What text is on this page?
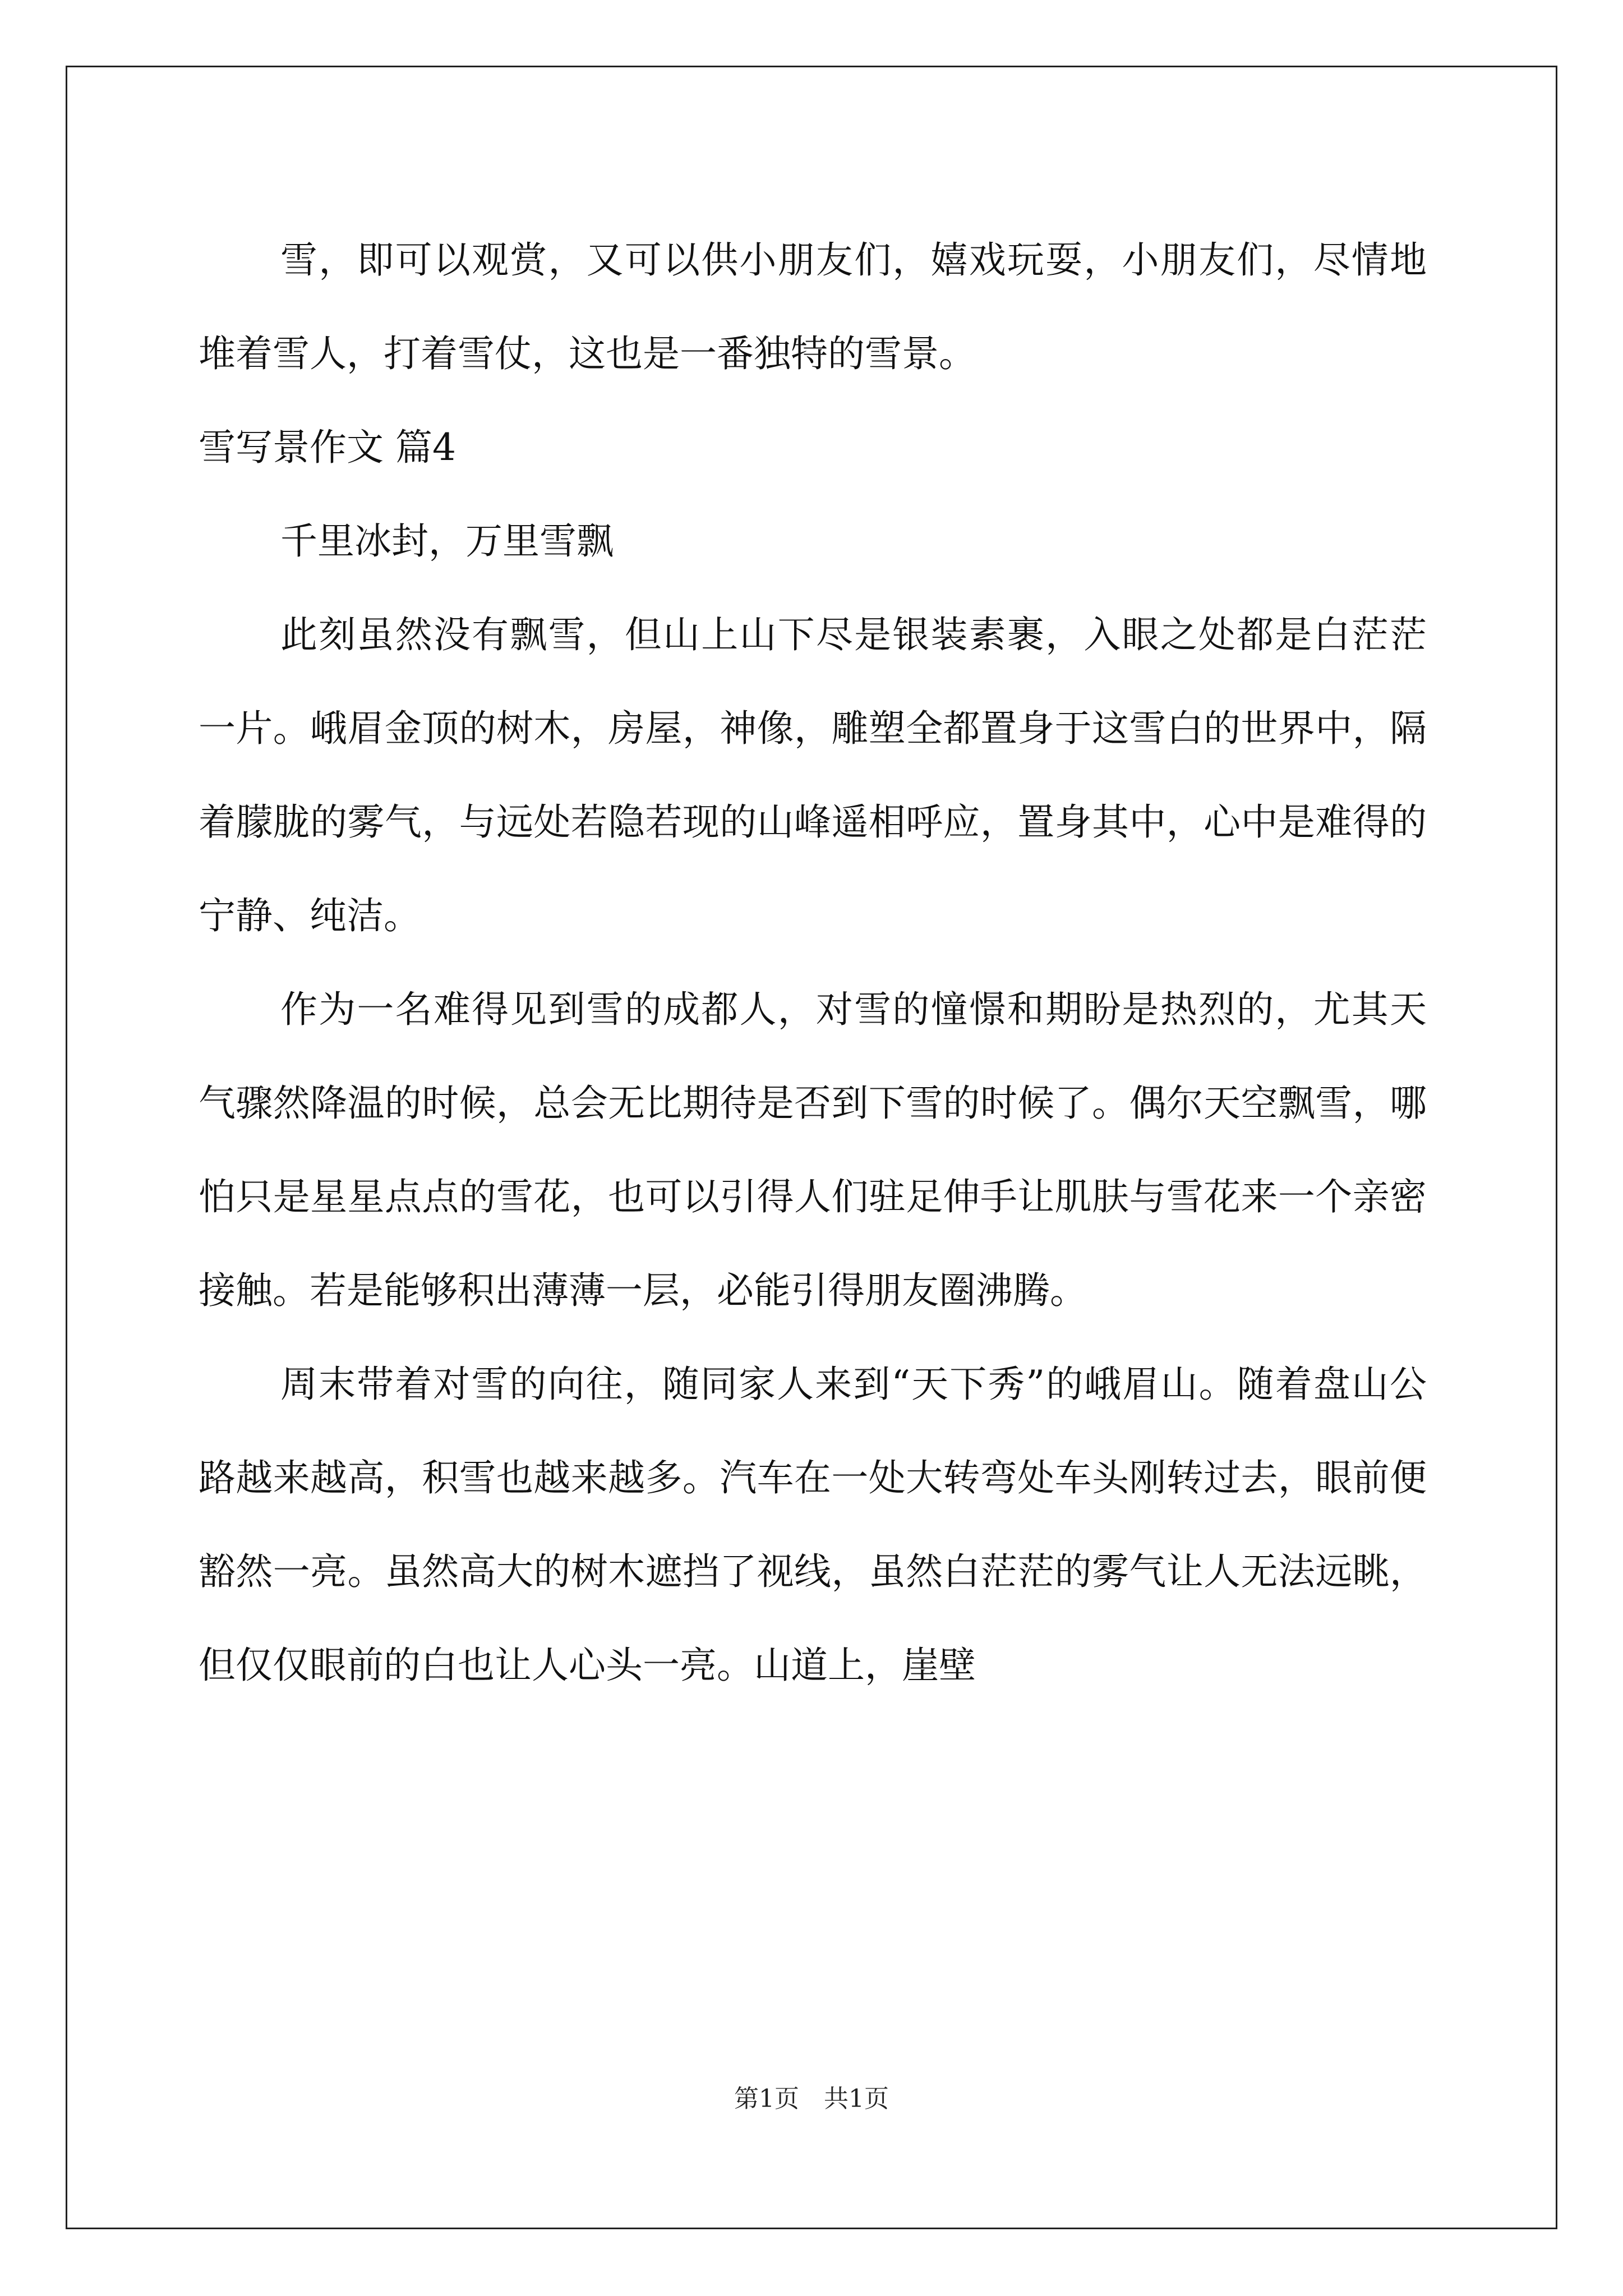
雪，即可以观赏，又可以供小朋友们，嬉戏玩耍，小朋友们，尽情地堆着雪人，打着雪仗，这也是一番独特的雪景。

雪写景作文 篇4

千里冰封，万里雪飘

此刻虽然没有飘雪，但山上山下尽是银装素裹，入眼之处都是白茫茫一片。峨眉金顶的树木，房屋，神像，雕塑全都置身于这雪白的世界中，隔着朦胧的雾气，与远处若隐若现的山峰遥相呼应，置身其中，心中是难得的宁静、纯洁。

作为一名难得见到雪的成都人，对雪的憧憬和期盼是热烈的，尤其天气骤然降温的时候，总会无比期待是否到下雪的时候了。偶尔天空飘雪，哪怕只是星星点点的雪花，也可以引得人们驻足伸手让肌肤与雪花来一个亲密接触。若是能够积出薄薄一层，必能引得朋友圈沸腾。

周末带着对雪的向往，随同家人来到“天下秀”的峨眉山。随着盘山公路越来越高，积雪也越来越多。汽车在一处大转弯处车头刚转过去，眼前便豁然一亮。虽然高大的树木遮挡了视线，虽然白茫茫的雾气让人无法远眺，但仅仅眼前的白也让人心头一亮。山道上，崖壁

第1页　共1页
